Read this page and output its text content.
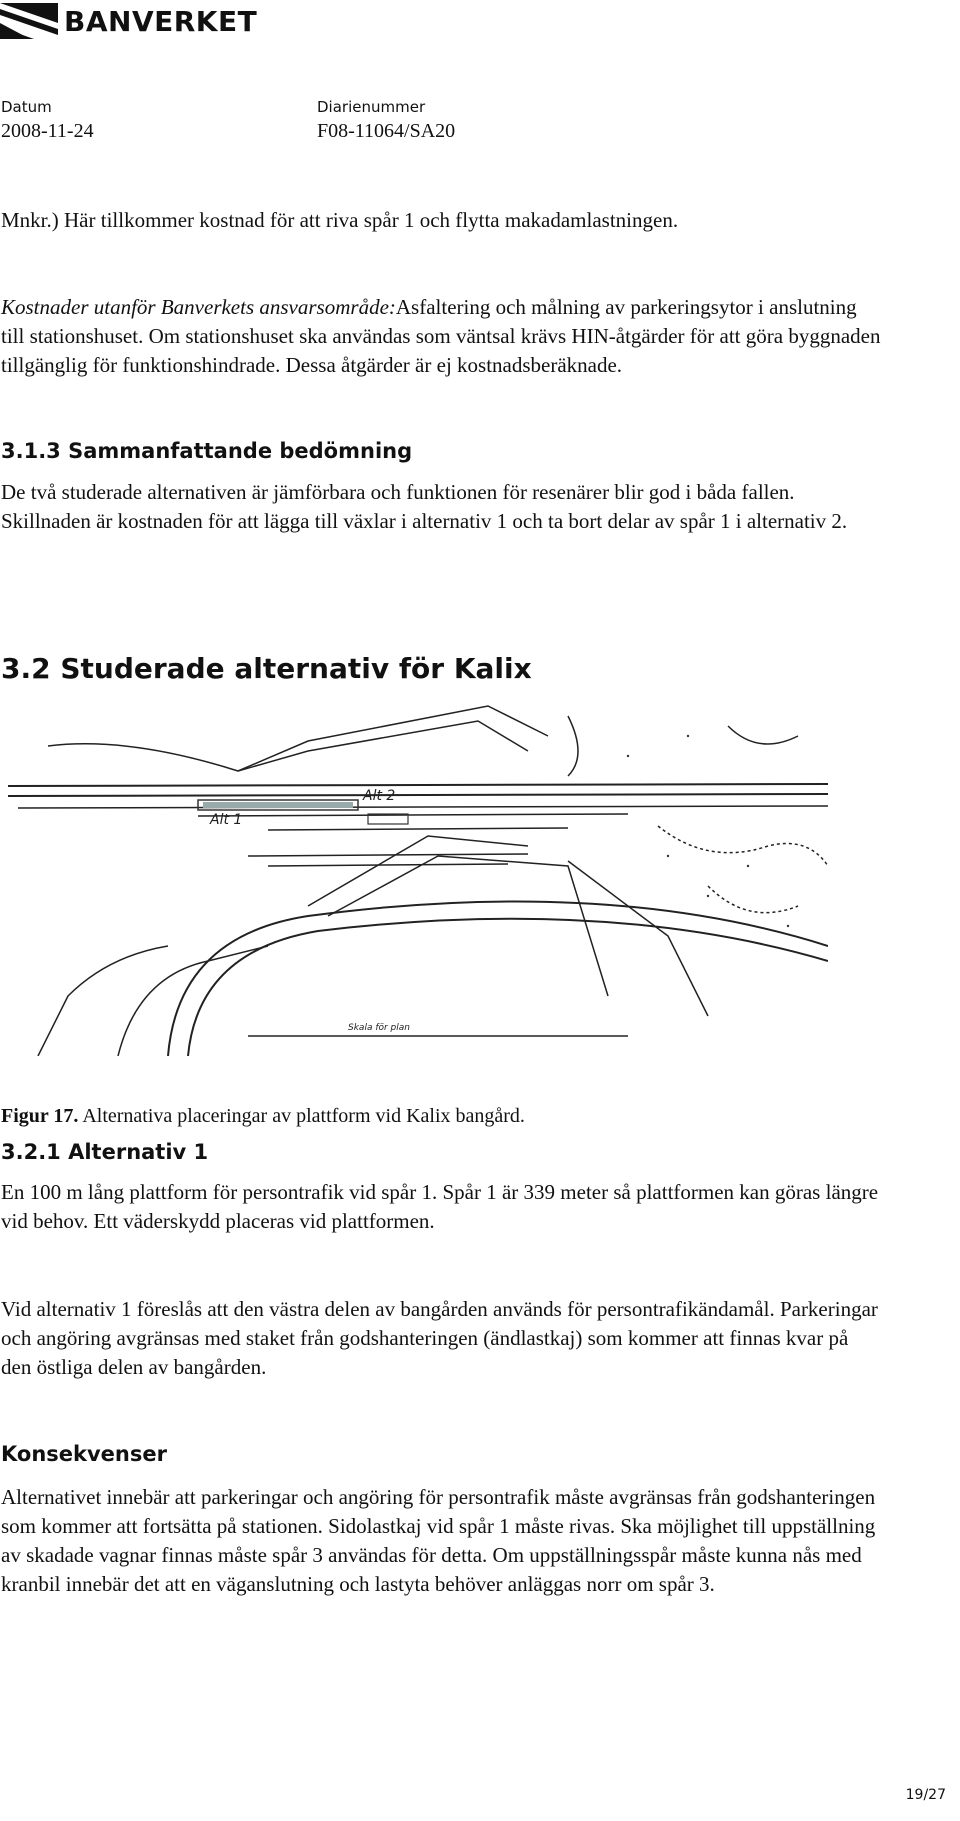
BANVERKET
Datum
2008-11-24
Diarienummer
F08-11064/SA20

Mnkr.) Här tillkommer kostnad för att riva spår 1 och flytta makadamlastningen.

Kostnader utanför Banverkets ansvarsområde:Asfaltering och målning av parkeringsytor i anslutning till stationshuset. Om stationshuset ska användas som väntsal krävs HIN-åtgärder för att göra byggnaden tillgänglig för funktionshindrade. Dessa åtgärder är ej kostnadsberäknade.

3.1.3 Sammanfattande bedömning

De två studerade alternativen är jämförbara och funktionen för resenärer blir god i båda fallen. Skillnaden är kostnaden för att lägga till växlar i alternativ 1 och ta bort delar av spår 1 i alternativ 2.

3.2 Studerade alternativ för Kalix
Alt 1
Alt 2
Skala för plan

Figur 17. Alternativa placeringar av plattform vid Kalix bangård.

3.2.1 Alternativ 1

En 100 m lång plattform för persontrafik vid spår 1. Spår 1 är 339 meter så plattformen kan göras längre vid behov. Ett väderskydd placeras vid plattformen.

Vid alternativ 1 föreslås att den västra delen av bangården används för persontrafikändamål. Parkeringar och angöring avgränsas med staket från godshanteringen (ändlastkaj) som kommer att finnas kvar på den östliga delen av bangården.

Konsekvenser

Alternativet innebär att parkeringar och angöring för persontrafik måste avgränsas från godshanteringen som kommer att fortsätta på stationen. Sidolastkaj vid spår 1 måste rivas. Ska möjlighet till uppställning av skadade vagnar finnas måste spår 3 användas för detta. Om uppställningsspår måste kunna nås med kranbil innebär det att en väganslutning och lastyta behöver anläggas norr om spår 3.

19/27
